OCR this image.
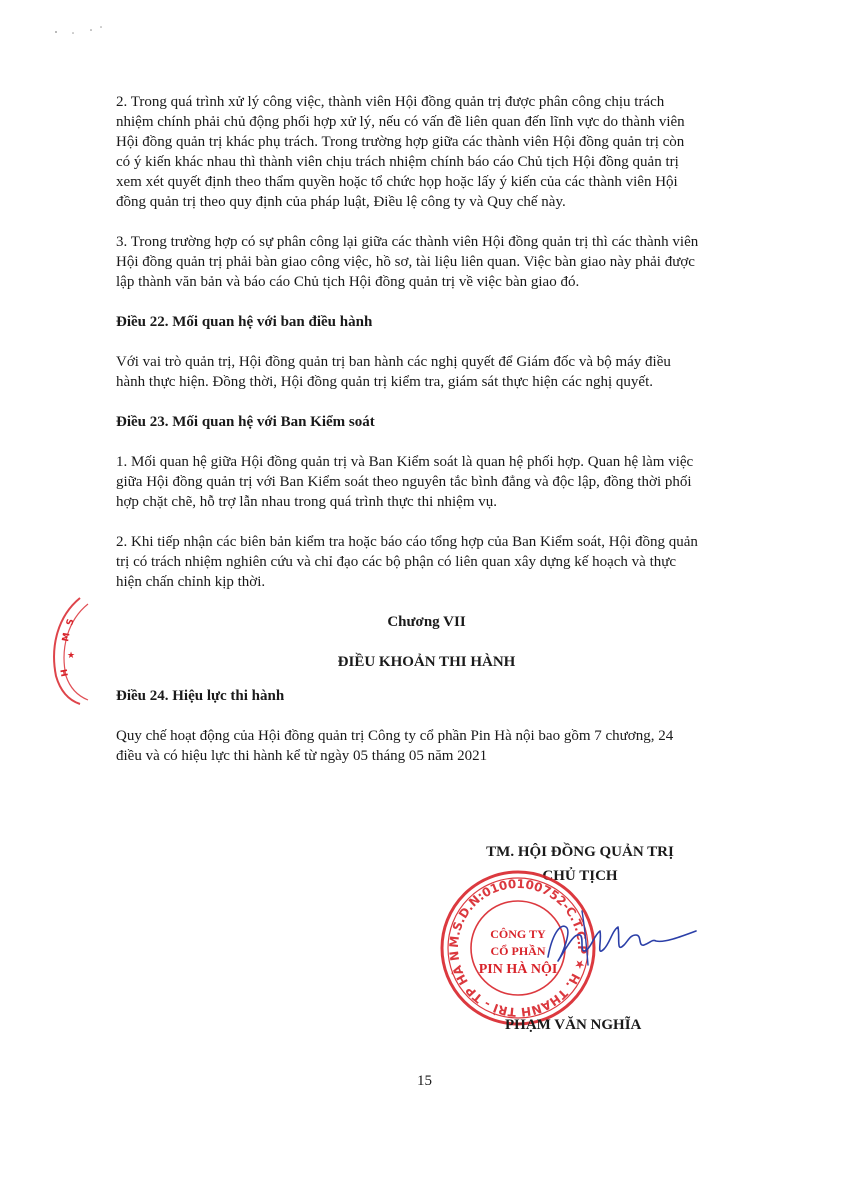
2. Trong quá trình xử lý công việc, thành viên Hội đồng quản trị được phân công chịu trách

nhiệm chính phải chủ động phối hợp xử lý, nếu có vấn đề liên quan đến lĩnh vực do thành viên

Hội đồng quản trị khác phụ trách. Trong trường hợp giữa các thành viên Hội đồng quản trị còn

có ý kiến khác nhau thì thành viên chịu trách nhiệm chính báo cáo Chủ tịch Hội đồng quản trị

xem xét quyết định theo thẩm quyền hoặc tổ chức họp hoặc lấy ý kiến của các thành viên Hội

đồng quản trị theo quy định của pháp luật, Điều lệ công ty và Quy chế này.

3. Trong trường hợp có sự phân công lại giữa các thành viên Hội đồng quản trị thì các thành viên

Hội đồng quản trị phải bàn giao công việc, hồ sơ, tài liệu liên quan. Việc bàn giao này phải được

lập thành văn bản và báo cáo Chủ tịch Hội đồng quản trị về việc bàn giao đó.

Điều 22. Mối quan hệ với ban điều hành

Với vai trò quản trị, Hội đồng quản trị ban hành các nghị quyết để Giám đốc và bộ máy điều

hành thực hiện. Đồng thời, Hội đồng quản trị kiểm tra, giám sát thực hiện các nghị quyết.

Điều 23. Mối quan hệ với Ban Kiểm soát

1. Mối quan hệ giữa Hội đồng quản trị và Ban Kiểm soát là quan hệ phối hợp. Quan hệ làm việc

giữa Hội đồng quản trị với Ban Kiểm soát theo nguyên tắc bình đẳng và độc lập, đồng thời phối

hợp chặt chẽ, hỗ trợ lẫn nhau trong quá trình thực thi nhiệm vụ.

2. Khi tiếp nhận các biên bản kiểm tra hoặc báo cáo tổng hợp của Ban Kiểm soát, Hội đồng quản

trị có trách nhiệm nghiên cứu và chỉ đạo các bộ phận có liên quan xây dựng kế hoạch và thực

hiện chấn chỉnh kịp thời.

Chương VII

ĐIỀU KHOẢN THI HÀNH

Điều 24. Hiệu lực thi hành

Quy chế hoạt động của Hội đồng quản trị Công ty cổ phần Pin Hà nội bao gồm 7 chương, 24

điều và có hiệu lực thi hành kể từ ngày 05 tháng 05 năm 2021

TM. HỘI ĐỒNG QUẢN TRỊ
CHỦ TỊCH
M.S.D.N:0100100752-C.T.C.P ★ H. THANH TRÌ - TP HÀ N
CÔNG TY
CỔ PHẦN
PIN HÀ NỘI
PHẠM VĂN NGHĨA
S
M
★
H
15
